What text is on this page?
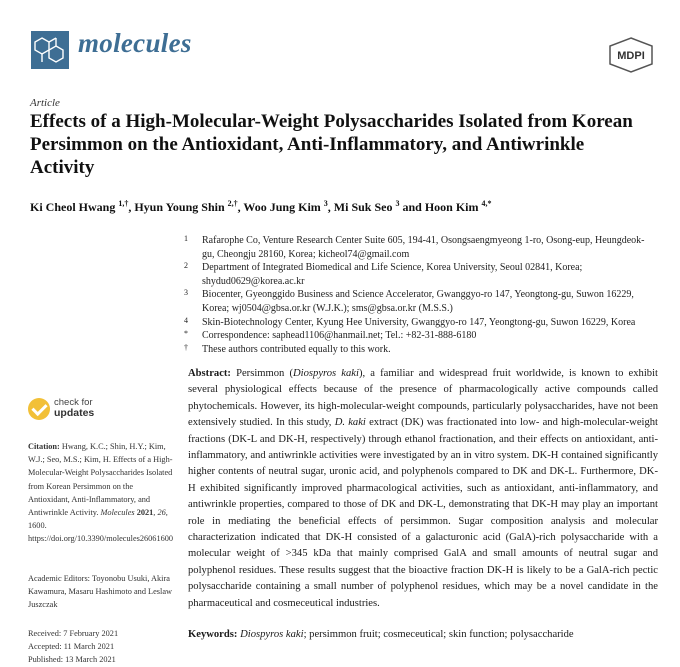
molecules	MDPI
Article
Effects of a High-Molecular-Weight Polysaccharides Isolated from Korean Persimmon on the Antioxidant, Anti-Inflammatory, and Antiwrinkle Activity
Ki Cheol Hwang $^{1,\dagger}$, Hyun Young Shin $^{2,\dagger}$, Woo Jung Kim $^3$, Mi Suk Seo $^3$ and Hoon Kim $^{4,*}$
1 Rafarophe Co, Venture Research Center Suite 605, 194-41, Osongsaengmyeong 1-ro, Osong-eup, Heungdeok-gu, Cheongju 28160, Korea; kicheol74@gmail.com
2 Department of Integrated Biomedical and Life Science, Korea University, Seoul 02841, Korea; shydud0629@korea.ac.kr
3 Biocenter, Gyeonggido Business and Science Accelerator, Gwanggyo-ro 147, Yeongtong-gu, Suwon 16229, Korea; wj0504@gbsa.or.kr (W.J.K.); sms@gbsa.or.kr (M.S.S.)
4 Skin-Biotechnology Center, Kyung Hee University, Gwanggyo-ro 147, Yeongtong-gu, Suwon 16229, Korea
* Correspondence: saphead1106@hanmail.net; Tel.: +82-31-888-6180
† These authors contributed equally to this work.
check for
updates
Citation: Hwang, K.C.; Shin, H.Y.; Kim, W.J.; Seo, M.S.; Kim, H. Effects of a High-Molecular-Weight Polysaccharides Isolated from Korean Persimmon on the Antioxidant, Anti-Inflammatory, and Antiwrinkle Activity. Molecules 2021, 26, 1600. https://doi.org/10.3390/molecules26061600
Academic Editors: Toyonobu Usuki, Akira Kawamura, Masaru Hashimoto and Leslaw Juszczak
Received: 7 February 2021
Accepted: 11 March 2021
Published: 13 March 2021
Abstract: Persimmon (Diospyros kaki), a familiar and widespread fruit worldwide, is known to exhibit several physiological effects because of the presence of pharmacologically active compounds called phytochemicals. However, its high-molecular-weight compounds, particularly polysaccharides, have not been extensively studied. In this study, D. kaki extract (DK) was fractionated into low- and high-molecular-weight fractions (DK-L and DK-H, respectively) through ethanol fractionation, and their effects on antioxidant, anti-inflammatory, and antiwrinkle activities were investigated by an in vitro system. DK-H contained significantly higher contents of neutral sugar, uronic acid, and polyphenols compared to DK and DK-L. Furthermore, DK-H exhibited significantly improved pharmacological activities, such as antioxidant, anti-inflammatory, and antiwrinkle properties, compared to those of DK and DK-L, demonstrating that DK-H may play an important role in mediating the beneficial effects of persimmon. Sugar composition analysis and molecular characterization indicated that DK-H consisted of a galacturonic acid (GalA)-rich polysaccharide with a molecular weight of >345 kDa that mainly comprised GalA and small amounts of neutral sugar and polyphenol residues. These results suggest that the bioactive fraction DK-H is likely to be a GalA-rich pectic polysaccharide containing a small number of polyphenol residues, which may be a novel candidate in the pharmaceutical and cosmeceutical industries.
Keywords: Diospyros kaki; persimmon fruit; cosmeceutical; skin function; polysaccharide
